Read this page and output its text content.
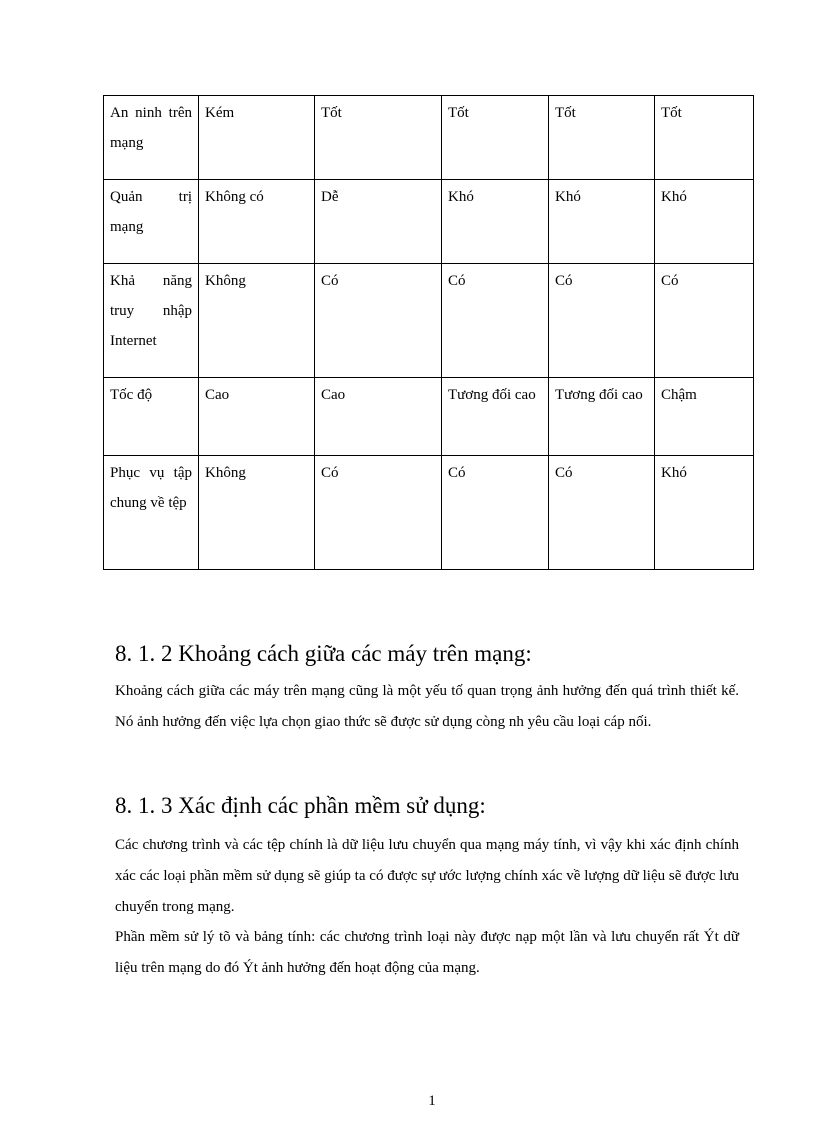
An ninh trên mạng	Kém	Tốt	Tốt	Tốt	Tốt
Quản trị mạng	Không có	Dễ	Khó	Khó	Khó
Khả năng truy nhập Internet	Không	Có	Có	Có	Có
Tốc độ	Cao	Cao	Tương đối cao	Tương đối cao	Chậm
Phục vụ tập chung về tệp	Không	Có	Có	Có	Khó
8. 1. 2 Khoảng cách giữa các máy trên mạng:

Khoảng cách giữa các máy trên mạng cũng là một yếu tố quan trọng ảnh hưởng đến quá trình thiết kế. Nó ảnh hưởng đến việc lựa chọn giao thức sẽ được sử dụng còng nh yêu cầu loại cáp nối.

8. 1. 3 Xác định các phần mềm sử dụng:

Các chương trình và các tệp chính là dữ liệu lưu chuyển qua mạng máy tính, vì vậy khi xác định chính xác các loại phần mềm sử dụng sẽ giúp ta có được sự ước lượng chính xác về lượng dữ liệu sẽ được lưu chuyển trong mạng.

Phần mềm sử lý tõ và bảng tính: các chương trình loại này được nạp một lần và lưu chuyển rất Ýt dữ liệu trên mạng do đó Ýt ảnh hưởng đến hoạt động của mạng.

1
